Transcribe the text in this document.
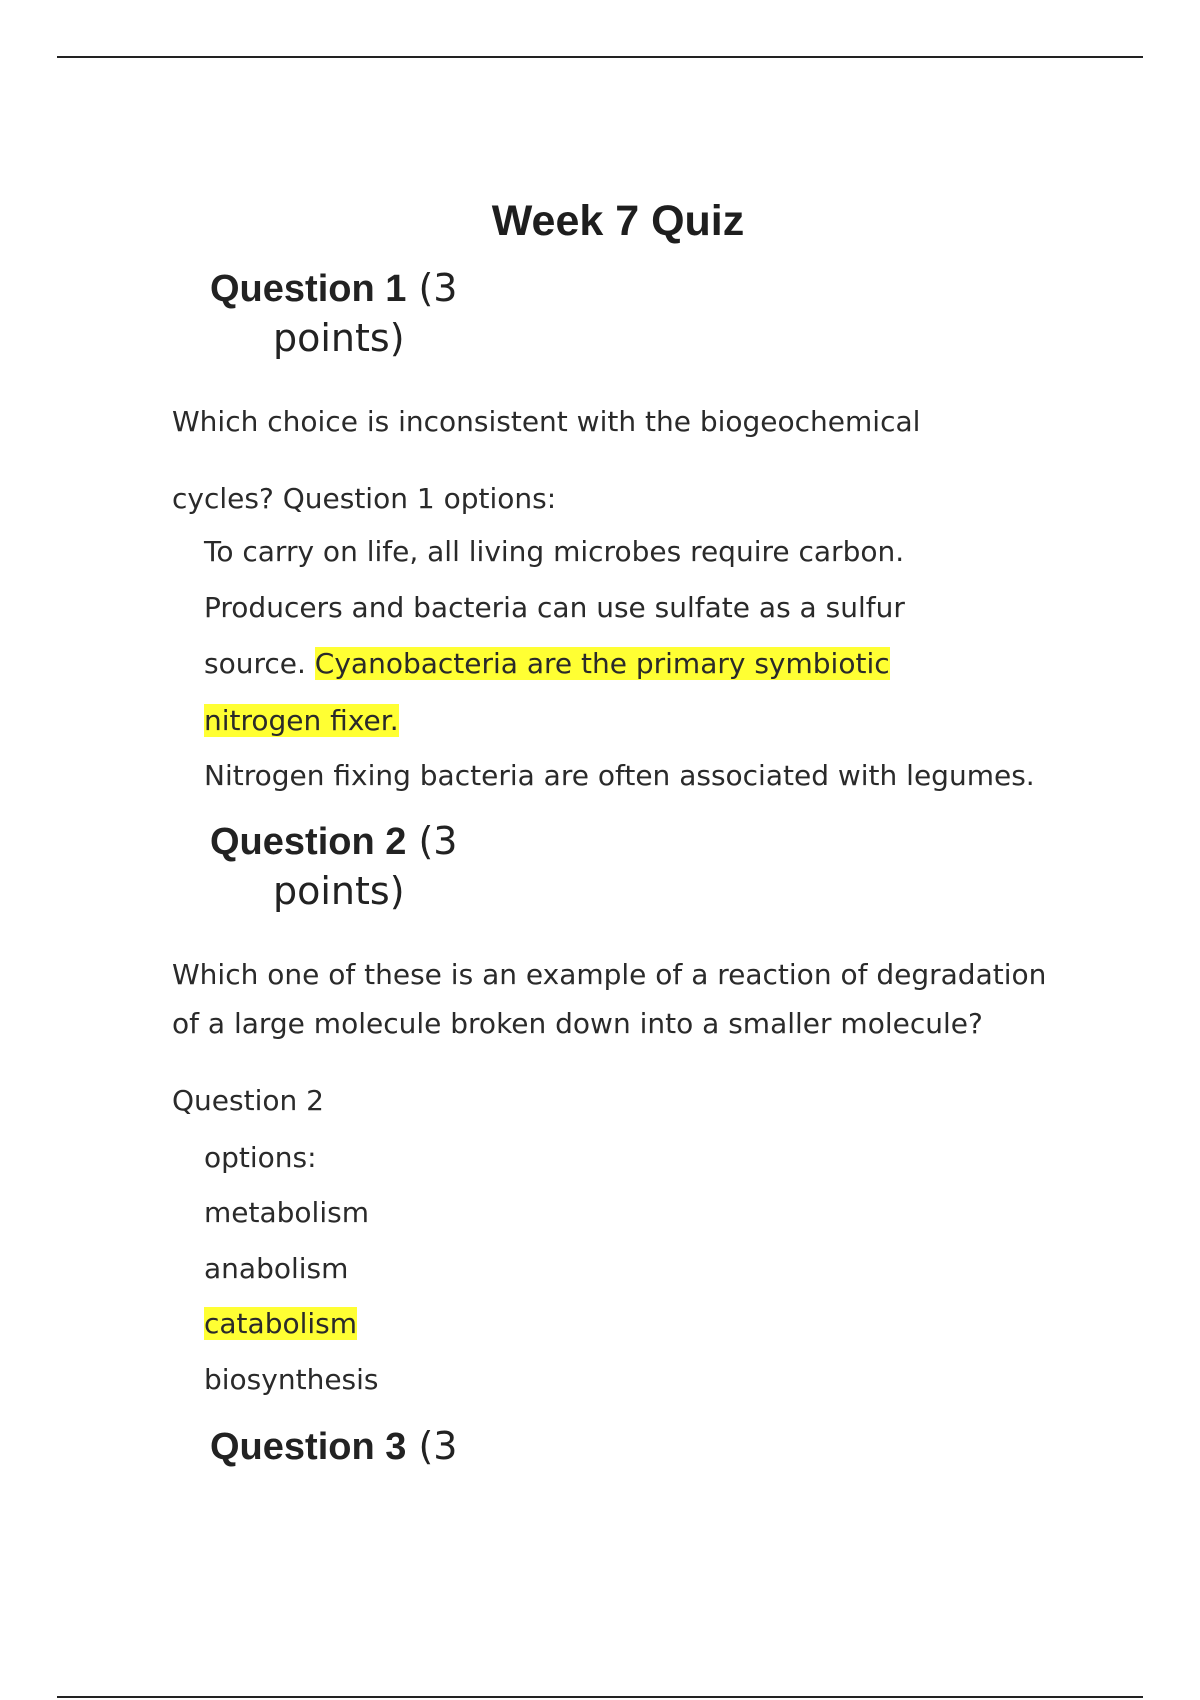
Week 7 Quiz
Question 1 (3
points)
Which choice is inconsistent with the biogeochemical
cycles? Question 1 options:
To carry on life, all living microbes require carbon.
Producers and bacteria can use sulfate as a sulfur
source. Cyanobacteria are the primary symbiotic
nitrogen fixer.
Nitrogen fixing bacteria are often associated with legumes.
Question 2 (3
points)
Which one of these is an example of a reaction of degradation
of a large molecule broken down into a smaller molecule?
Question 2
options:
metabolism
anabolism
catabolism
biosynthesis
Question 3 (3
